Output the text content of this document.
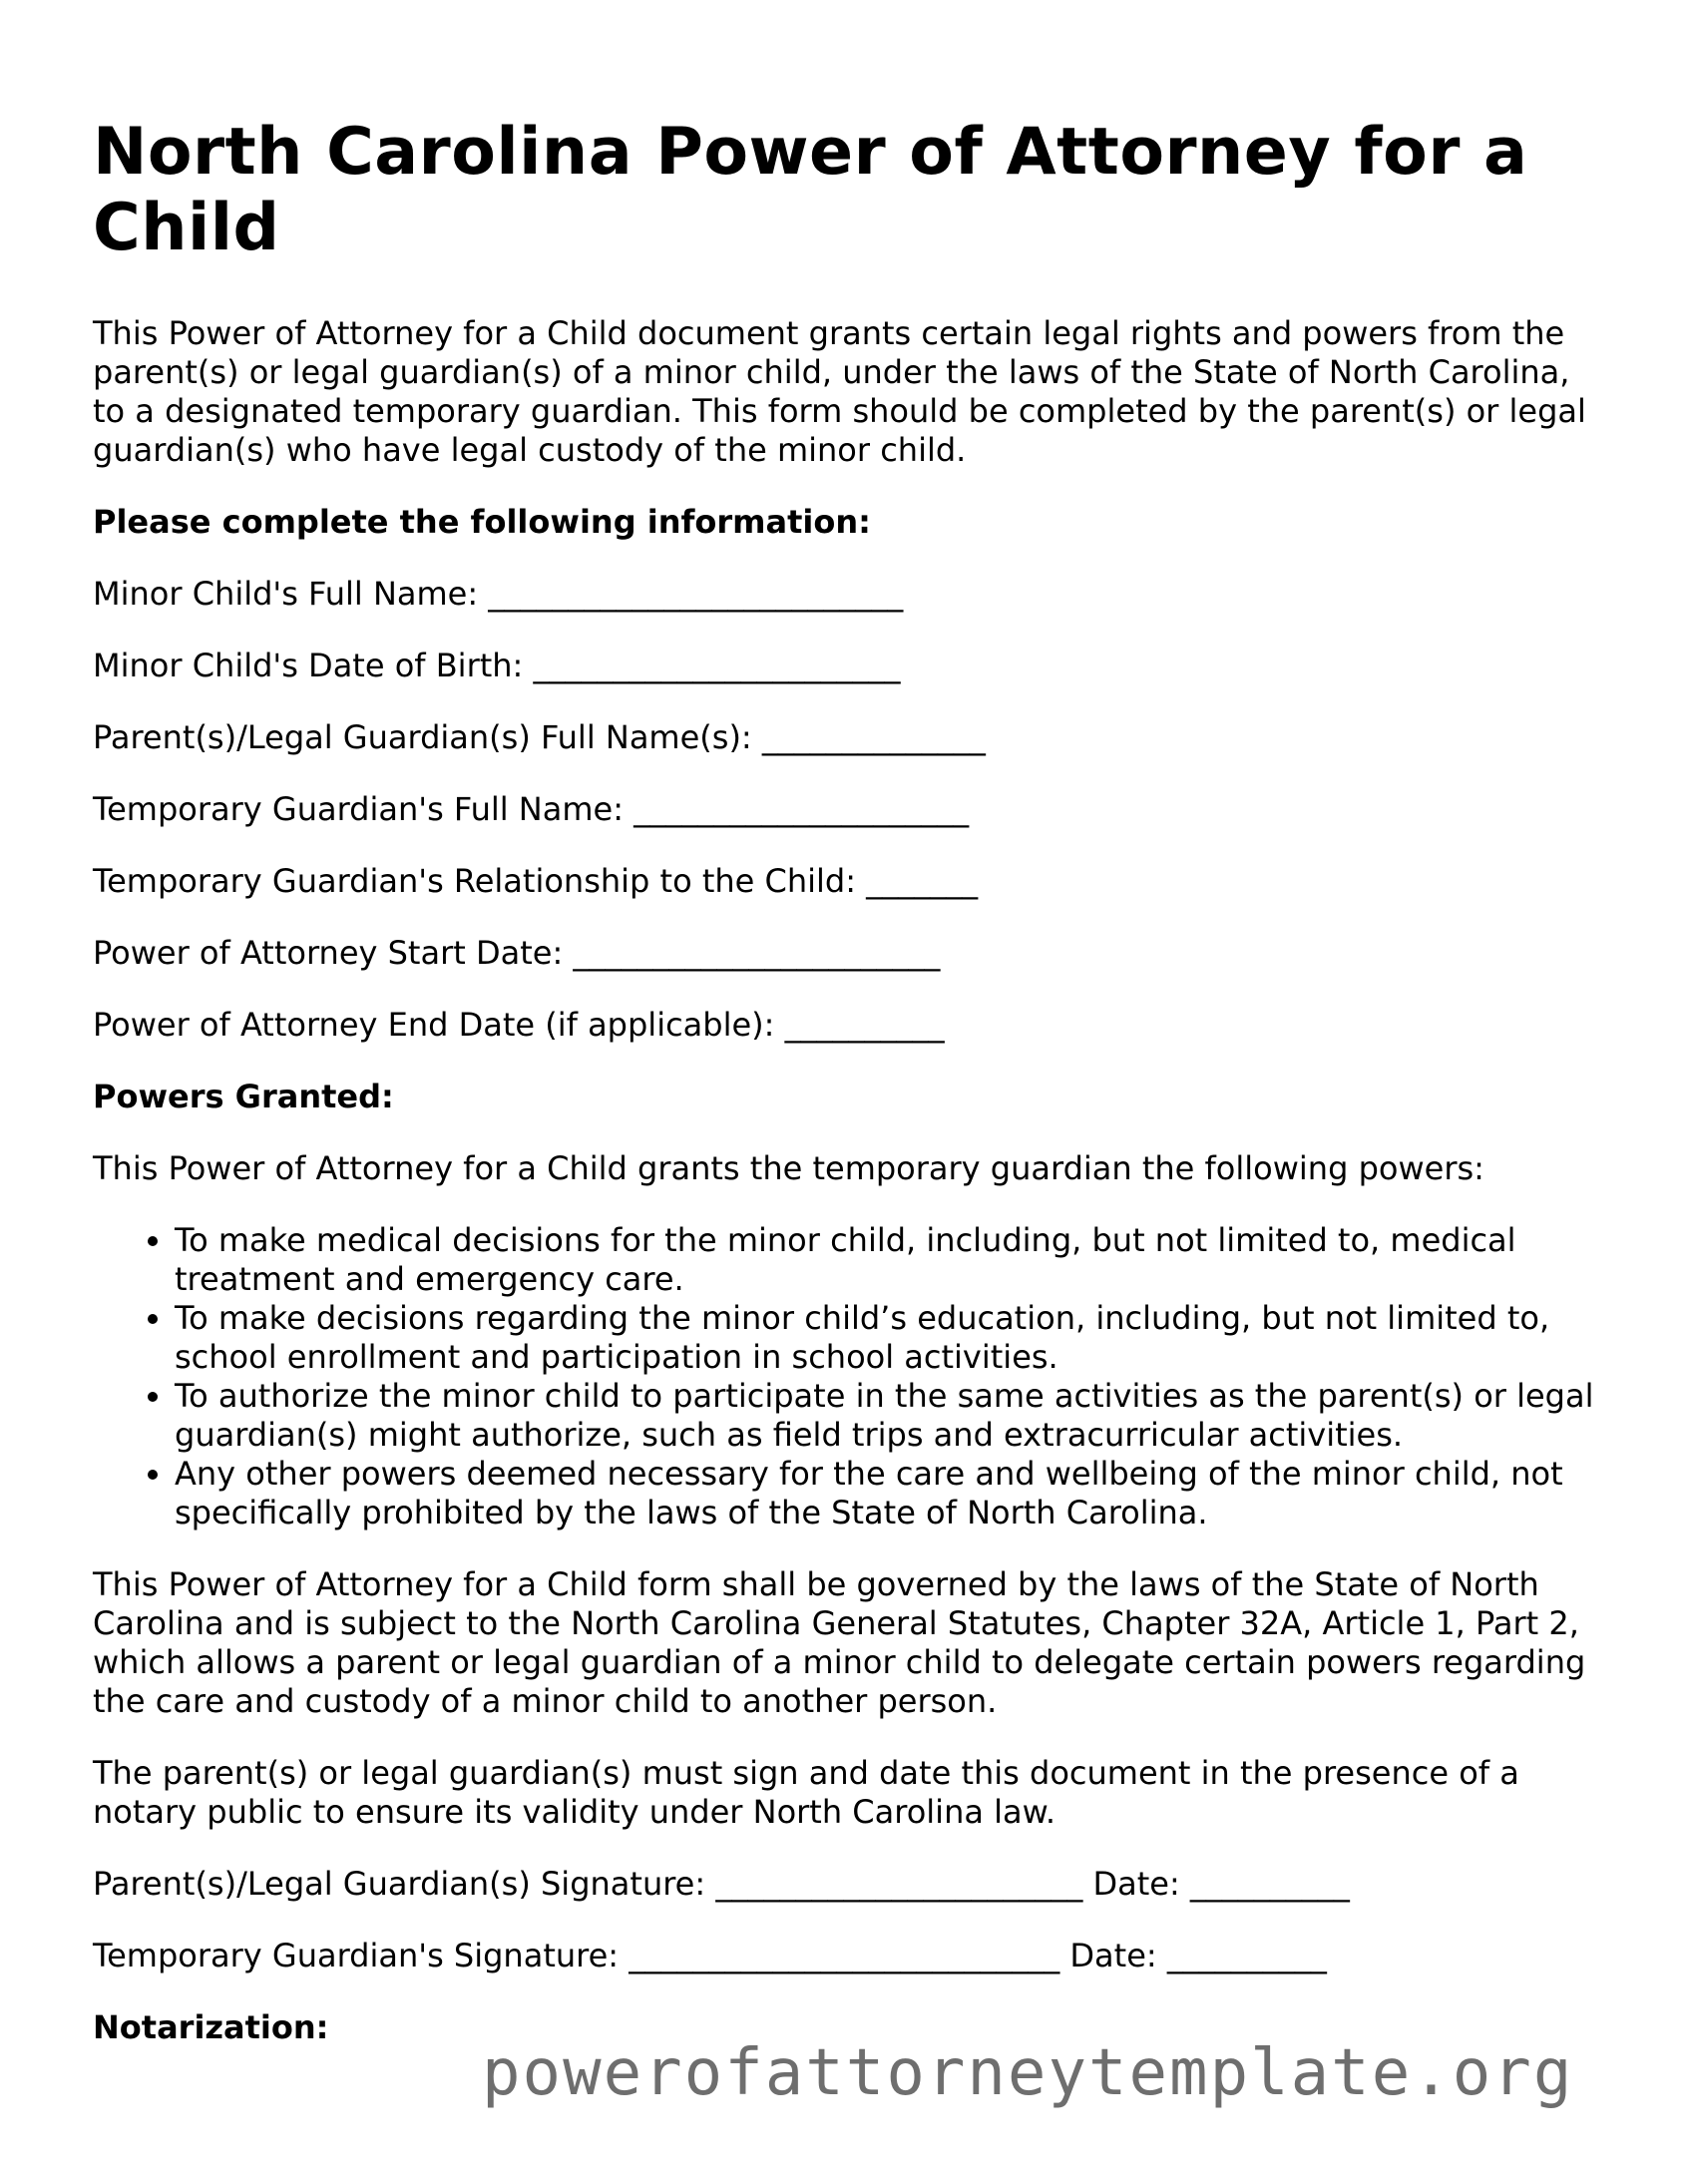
North Carolina Power of Attorney for a Child

This Power of Attorney for a Child document grants certain legal rights and powers from the parent(s) or legal guardian(s) of a minor child, under the laws of the State of North Carolina, to a designated temporary guardian. This form should be completed by the parent(s) or legal guardian(s) who have legal custody of the minor child.

Please complete the following information:

Minor Child's Full Name: __________________________
Minor Child's Date of Birth: _______________________
Parent(s)/Legal Guardian(s) Full Name(s): ______________
Temporary Guardian's Full Name: _____________________
Temporary Guardian's Relationship to the Child: _______
Power of Attorney Start Date: _______________________
Power of Attorney End Date (if applicable): __________

Powers Granted:

This Power of Attorney for a Child grants the temporary guardian the following powers:

• To make medical decisions for the minor child, including, but not limited to, medical treatment and emergency care.
• To make decisions regarding the minor child’s education, including, but not limited to, school enrollment and participation in school activities.
• To authorize the minor child to participate in the same activities as the parent(s) or legal guardian(s) might authorize, such as field trips and extracurricular activities.
• Any other powers deemed necessary for the care and wellbeing of the minor child, not specifically prohibited by the laws of the State of North Carolina.

This Power of Attorney for a Child form shall be governed by the laws of the State of North Carolina and is subject to the North Carolina General Statutes, Chapter 32A, Article 1, Part 2, which allows a parent or legal guardian of a minor child to delegate certain powers regarding the care and custody of a minor child to another person.

The parent(s) or legal guardian(s) must sign and date this document in the presence of a notary public to ensure its validity under North Carolina law.

Parent(s)/Legal Guardian(s) Signature: _______________________ Date: __________
Temporary Guardian's Signature: ___________________________ Date: __________

Notarization:

powerofattorneytemplate.org
